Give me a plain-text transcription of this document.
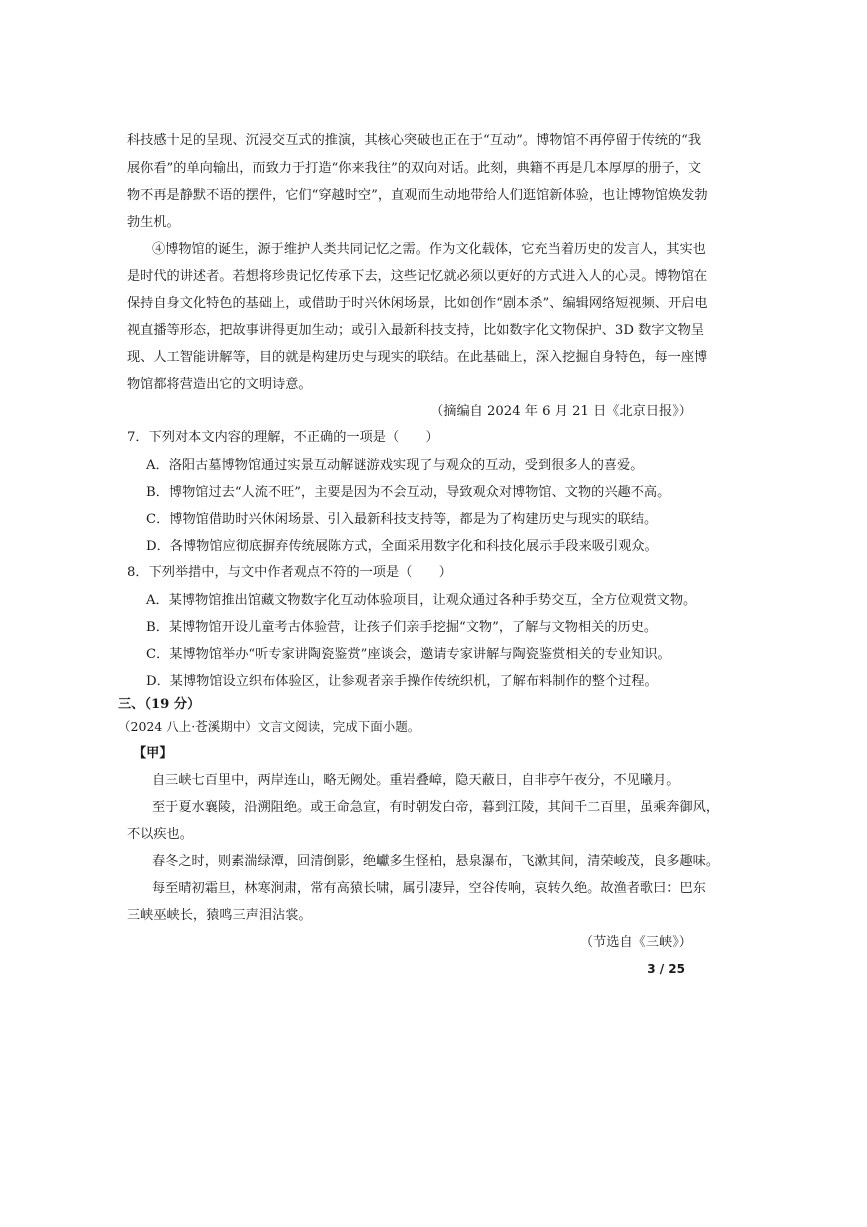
科技感十足的呈现、沉浸交互式的推演，其核心突破也正在于“互动”。博物馆不再停留于传统的“我
展你看”的单向输出，而致力于打造“你来我往”的双向对话。此刻，典籍不再是几本厚厚的册子，文
物不再是静默不语的摆件，它们“穿越时空”，直观而生动地带给人们逛馆新体验，也让博物馆焕发勃
勃生机。
④博物馆的诞生，源于维护人类共同记忆之需。作为文化载体，它充当着历史的发言人，其实也
是时代的讲述者。若想将珍贵记忆传承下去，这些记忆就必须以更好的方式进入人的心灵。博物馆在
保持自身文化特色的基础上，或借助于时兴休闲场景，比如创作“剧本杀”、编辑网络短视频、开启电
视直播等形态，把故事讲得更加生动；或引入最新科技支持，比如数字化文物保护、3D 数字文物呈
现、人工智能讲解等，目的就是构建历史与现实的联结。在此基础上，深入挖掘自身特色，每一座博
物馆都将营造出它的文明诗意。
（摘编自 2024 年 6 月 21 日《北京日报》）
7．下列对本文内容的理解，不正确的一项是（　　）
A．洛阳古墓博物馆通过实景互动解谜游戏实现了与观众的互动，受到很多人的喜爱。
B．博物馆过去“人流不旺”，主要是因为不会互动，导致观众对博物馆、文物的兴趣不高。
C．博物馆借助时兴休闲场景、引入最新科技支持等，都是为了构建历史与现实的联结。
D．各博物馆应彻底摒弃传统展陈方式，全面采用数字化和科技化展示手段来吸引观众。
8．下列举措中，与文中作者观点不符的一项是（　　）
A．某博物馆推出馆藏文物数字化互动体验项目，让观众通过各种手势交互，全方位观赏文物。
B．某博物馆开设儿童考古体验营，让孩子们亲手挖掘“文物”，了解与文物相关的历史。
C．某博物馆举办“听专家讲陶瓷鉴赏”座谈会，邀请专家讲解与陶瓷鉴赏相关的专业知识。
D．某博物馆设立织布体验区，让参观者亲手操作传统织机，了解布料制作的整个过程。
三、（19 分）
（2024 八上·苍溪期中）文言文阅读，完成下面小题。
【甲】
自三峡七百里中，两岸连山，略无阙处。重岩叠嶂，隐天蔽日，自非亭午夜分，不见曦月。
至于夏水襄陵，沿溯阻绝。或王命急宣，有时朝发白帝，暮到江陵，其间千二百里，虽乘奔御风，
不以疾也。
春冬之时，则素湍绿潭，回清倒影，绝巘多生怪柏，悬泉瀑布，飞漱其间，清荣峻茂，良多趣味。
每至晴初霜旦，林寒涧肃，常有高猿长啸，属引凄异，空谷传响，哀转久绝。故渔者歌曰：巴东
三峡巫峡长，猿鸣三声泪沾裳。
（节选自《三峡》）
3 / 25
